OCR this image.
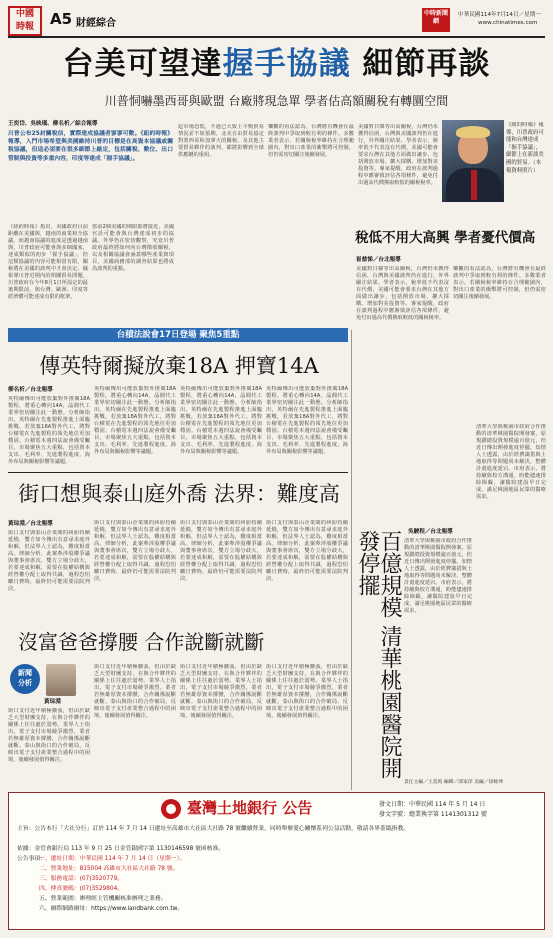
中國
時報	A5 財經綜合
中時新聞網
中華民國114年7月14日／星期一
www.chinatimes.com
台美可望達握手協議 細節再談
川普恫嚇墨西哥與歐盟 台廠將現急單 學者估高額關稅有轉圜空間
王奕岱、吳映瑾、柳名析／綜合報導
川普公布25封關稅信，實際達成協議者寥寥可數。《紐約時報》報導，入門市場希望與美國維持川普的目標是在高資本協議或關稅協議，但這必須要在很多細節上敲定，包括關稅、數位、出口管制與投資等多重內容，印度等達成「握手協議」。
《紐約時報》指出，美國政府目前距離在美國與，越南的商業和全協議，而越南協議的進度是透過越南與，川普政府可能會與多個國家，達成類似的初步「握手協議」，但這類協議的內容可能相當有限，關稅將在美國的談判中才會決定。據報導川普近期內的相關貿易問題，川普政府在今年8月1日所設定的最後期限前，與台灣、歐洲、印度等經濟體可能達成有限的框架。
當前2個美國的期限即將接近，美國官員可能會與台灣達成初步的協議。外界仍在密切觀察，究竟川普政府最終將如何向台灣徵收關稅，以及相關協議會涵蓋哪些產業與項目，美國商務部的調查結果也將成為談判的重點。
起市場恐慌，不過已大致上平衡貿易情況並不如預期。北美自由貿易協定對墨西哥和加拿大的關稅，及其他主要貿易夥伴的談判，都將影響到全球供應鏈的重組。
樂觀的看法認為，台灣將有機會在最終談判中爭取到較有利的條件。多數業者表示，若關稅稅率維持在合理範圍內，對出口產業的衝擊將可控制，但仍需密切關注後續發展。
美國對日韓等出高關稅，台灣仍未獲得信函，台灣與美國談判仍在進行，外界關注結果。學者表示，稅率低不代表沒有代價，美國可能會要求台灣在其他方面做出讓步，包括開放市場、擴大採購、增加對美投資等。專家提醒，政府在談判過程中應審慎評估各項條件，避免付出過高代價換取較低的關稅稅率。
《紐約時報》報導，川普政府可能和台灣達成「握手協議」，細節上在新談美國的貿易。（本報資料照片）
稅低不用大高興 學者憂代價高
崔慈悌／台北報導
美國對日韓等出高關稅，台灣仍未獲得信函，台灣與美國談判仍在進行，外界關注結果。學者表示，稅率低不代表沒有代價，美國可能會要求台灣在其他方面做出讓步，包括開放市場、擴大採購、增加對美投資等。專家提醒，政府在談判過程中應審慎評估各項條件，避免付出過高代價換取較低的關稅稅率。
樂觀的看法認為，台灣將有機會在最終談判中爭取到較有利的條件。多數業者表示，若關稅稅率維持在合理範圍內，對出口產業的衝擊將可控制，但仍需密切關注後續發展。
台積法說會17日登場 聚焦5重點
傳英特爾擬放棄18A 押寶14A
柳名析／台北報導
英特爾傳出可能放棄對外推廣18A製程，將重心轉向14A，晶圓代工業界密切關注此一動態。分析師指出，英特爾在先進製程推進上面臨挑戰，若放棄18A對外代工，將對台積電在先進製程的領先地位更加穩固。台積電本週四法說會備受矚目，市場聚焦五大重點，包括資本支出、毛利率、先進製程進度、海外布局與關稅影響等議題。
英特爾傳出可能放棄對外推廣18A製程，將重心轉向14A，晶圓代工業界密切關注此一動態。分析師指出，英特爾在先進製程推進上面臨挑戰，若放棄18A對外代工，將對台積電在先進製程的領先地位更加穩固。台積電本週四法說會備受矚目，市場聚焦五大重點，包括資本支出、毛利率、先進製程進度、海外布局與關稅影響等議題。
英特爾傳出可能放棄對外推廣18A製程，將重心轉向14A，晶圓代工業界密切關注此一動態。分析師指出，英特爾在先進製程推進上面臨挑戰，若放棄18A對外代工，將對台積電在先進製程的領先地位更加穩固。台積電本週四法說會備受矚目，市場聚焦五大重點，包括資本支出、毛利率、先進製程進度、海外布局與關稅影響等議題。
英特爾傳出可能放棄對外推廣18A製程，將重心轉向14A，晶圓代工業界密切關注此一動態。分析師指出，英特爾在先進製程推進上面臨挑戰，若放棄18A對外代工，將對台積電在先進製程的領先地位更加穩固。台積電本週四法說會備受矚目，市場聚焦五大重點，包括資本支出、毛利率、先進製程進度、海外布局與關稅影響等議題。
街口想與泰山庭外喬 法界：難度高
黃琮淵／台北報導
街口支付與泰山企業間的糾紛持續延燒，雙方如今傳出有意尋求庭外和解，但法界人士認為，難度相當高。律師分析，此案牽涉股權爭議與董事會席次，雙方立場分歧大，若要達成和解，需要在股權結構與經營權分配上取得共識，過程恐怕曠日費時，最終仍可能需要法院判決。
街口支付與泰山企業間的糾紛持續延燒，雙方如今傳出有意尋求庭外和解，但法界人士認為，難度相當高。律師分析，此案牽涉股權爭議與董事會席次，雙方立場分歧大，若要達成和解，需要在股權結構與經營權分配上取得共識，過程恐怕曠日費時，最終仍可能需要法院判決。
街口支付與泰山企業間的糾紛持續延燒，雙方如今傳出有意尋求庭外和解，但法界人士認為，難度相當高。律師分析，此案牽涉股權爭議與董事會席次，雙方立場分歧大，若要達成和解，需要在股權結構與經營權分配上取得共識，過程恐怕曠日費時，最終仍可能需要法院判決。
街口支付與泰山企業間的糾紛持續延燒，雙方如今傳出有意尋求庭外和解，但法界人士認為，難度相當高。律師分析，此案牽涉股權爭議與董事會席次，雙方立場分歧大，若要達成和解，需要在股權結構與經營權分配上取得共識，過程恐怕曠日費時，最終仍可能需要法院判決。
沒富爸爸撐腰 合作說斷就斷
新聞
分析
黃琮淵
街口支付近年積極擴張，但由於缺乏大型財團支持，在與合作夥伴的關係上往往處於弱勢。業界人士指出，電子支付市場競爭激烈，業者若無雄厚資本撐腰，合作關係說斷就斷。泰山與街口的合作破局，反映出電子支付產業整合過程中的困境，後續發展值得關注。
街口支付近年積極擴張，但由於缺乏大型財團支持，在與合作夥伴的關係上往往處於弱勢。業界人士指出，電子支付市場競爭激烈，業者若無雄厚資本撐腰，合作關係說斷就斷。泰山與街口的合作破局，反映出電子支付產業整合過程中的困境，後續發展值得關注。
街口支付近年積極擴張，但由於缺乏大型財團支持，在與合作夥伴的關係上往往處於弱勢。業界人士指出，電子支付市場競爭激烈，業者若無雄厚資本撐腰，合作關係說斷就斷。泰山與街口的合作破局，反映出電子支付產業整合過程中的困境，後續發展值得關注。
街口支付近年積極擴張，但由於缺乏大型財團支持，在與合作夥伴的關係上往往處於弱勢。業界人士指出，電子支付市場競爭激烈，業者若無雄厚資本撐腰，合作關係說斷就斷。泰山與街口的合作破局，反映出電子支付產業整合過程中的困境，後續發展值得關注。
吳駿程／台北報導
百億規模 清華桃園醫院開發停擺	清華大學與桃園市政府合作推動的清華桃園醫院開發案，原規劃總投資規模逾百億元，但近日傳出開發進度停擺。知情人士透露，由於經費籌措與土地取得等問題尚未解決，整體計畫進度延宕。市府表示，將持續與校方溝通，盼能儘速排除障礙，讓醫院建設早日完成，滿足桃園地區民眾的醫療需求。
清華大學與桃園市政府合作推動的清華桃園醫院開發案，原規劃總投資規模逾百億元，但近日傳出開發進度停擺。知情人士透露，由於經費籌措與土地取得等問題尚未解決，整體計畫進度延宕。市府表示，將持續與校方溝通，盼能儘速排除障礙，讓醫院建設早日完成，滿足桃園地區民眾的醫療需求。
責任主編／王莫昀 編輯／邱家萍 美編／徐餘坤
臺灣土地銀行 公告	發文日期：中華民國 114 年 5 月 14 日
發文字號：總業執字第 1141301312 號
主旨：公告本行「大社分行」訂於 114 年 7 月 14 日遷址至高雄市大社區大社路 78 號繼續營業，同時舉辦愛心關懷系列公益活動，敬請各界蒞臨指教。
依據：金管會銀行局 113 年 9 月 25 日金管銀國字第 1130146598 號函核准。
公告事項：
一、遷址日期：中華民國 114 年 7 月 14 日（星期一）。
二、營業地址：815004 高雄市大社區大社路 78 號。
三、服務電話：(07)3520779。
四、傳真號碼：(07)3529804。
五、營業範圍：辦理經主管機關核准辦理之業務。
六、網際網路網址：https://www.landbank.com.tw。
